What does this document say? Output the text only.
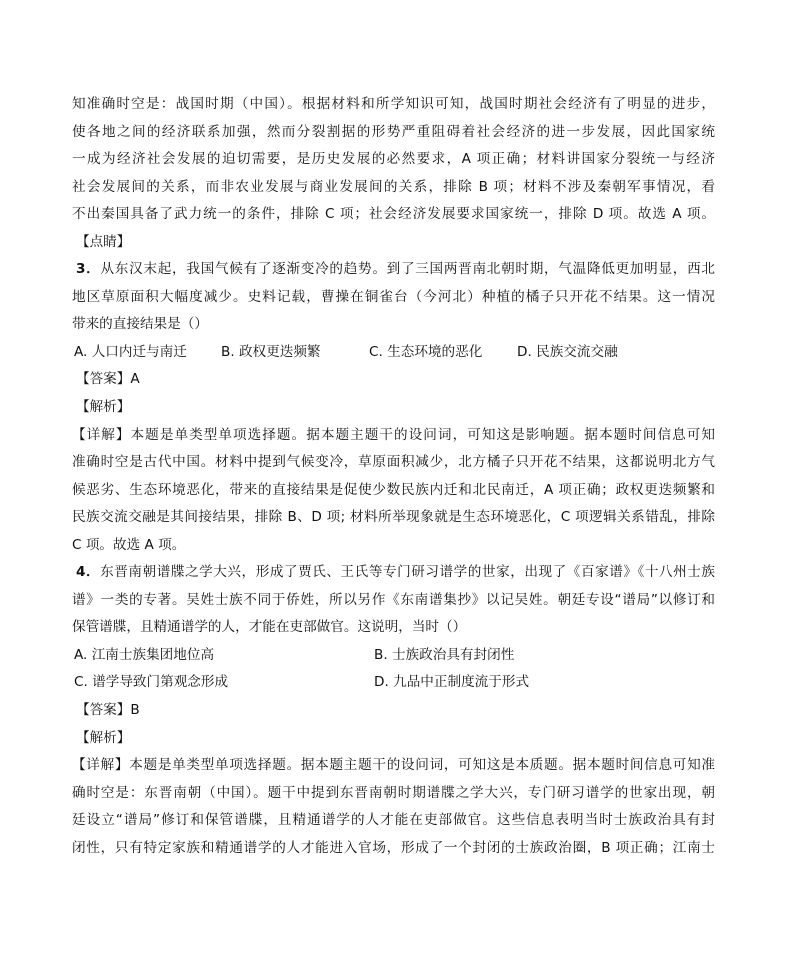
知准确时空是：战国时期（中国）。根据材料和所学知识可知，战国时期社会经济有了明显的进步，
使各地之间的经济联系加强，然而分裂割据的形势严重阻碍着社会经济的进一步发展，因此国家统
一成为经济社会发展的迫切需要，是历史发展的必然要求，A 项正确；材料讲国家分裂统一与经济
社会发展间的关系，而非农业发展与商业发展间的关系，排除 B 项；材料不涉及秦朝军事情况，看
不出秦国具备了武力统一的条件，排除 C 项；社会经济发展要求国家统一，排除 D 项。故选 A 项。
【点睛】
3．从东汉末起，我国气候有了逐渐变冷的趋势。到了三国两晋南北朝时期，气温降低更加明显，西北
地区草原面积大幅度减少。史料记载，曹操在铜雀台（今河北）种植的橘子只开花不结果。这一情况
带来的直接结果是（）
A. 人口内迁与南迁	B. 政权更迭频繁	C. 生态环境的恶化	D. 民族交流交融
【答案】A
【解析】
【详解】本题是单类型单项选择题。据本题主题干的设问词，可知这是影响题。据本题时间信息可知
准确时空是古代中国。材料中提到气候变冷，草原面积减少，北方橘子只开花不结果，这都说明北方气
候恶劣、生态环境恶化，带来的直接结果是促使少数民族内迁和北民南迁，A 项正确；政权更迭频繁和
民族交流交融是其间接结果，排除 B、D 项; 材料所举现象就是生态环境恶化，C 项逻辑关系错乱，排除
C 项。故选 A 项。
4．东晋南朝谱牒之学大兴，形成了贾氏、王氏等专门研习谱学的世家，出现了《百家谱》《十八州士族
谱》一类的专著。吴姓士族不同于侨姓，所以另作《东南谱集抄》以记吴姓。朝廷专设“谱局”以修订和
保管谱牒，且精通谱学的人，才能在吏部做官。这说明，当时（）
A. 江南士族集团地位高	B. 士族政治具有封闭性
C. 谱学导致门第观念形成	D. 九品中正制度流于形式
【答案】B
【解析】
【详解】本题是单类型单项选择题。据本题主题干的设问词，可知这是本质题。据本题时间信息可知准
确时空是：东晋南朝（中国）。题干中提到东晋南朝时期谱牒之学大兴，专门研习谱学的世家出现，朝
廷设立“谱局”修订和保管谱牒，且精通谱学的人才能在吏部做官。这些信息表明当时士族政治具有封
闭性，只有特定家族和精通谱学的人才能进入官场，形成了一个封闭的士族政治圈，B 项正确；江南士
